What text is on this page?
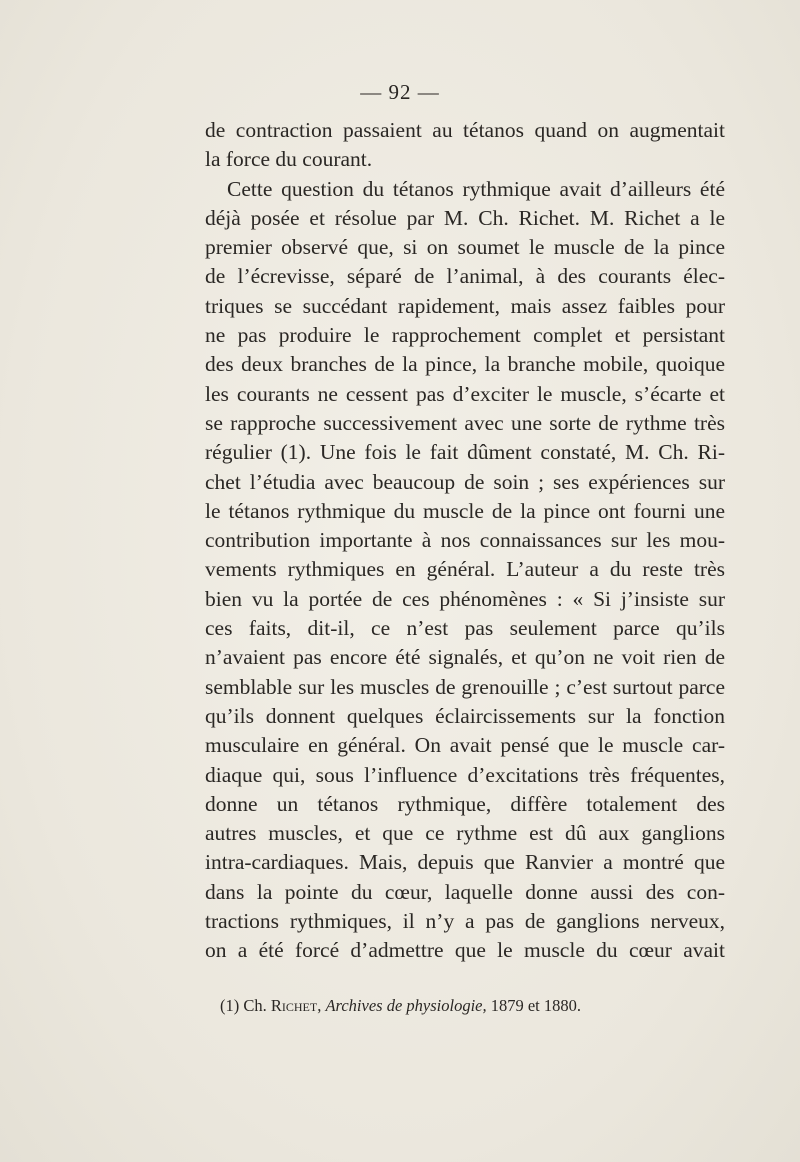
— 92 —
de contraction passaient au tétanos quand on augmentait
la force du courant.
Cette question du tétanos rythmique avait d’ailleurs été
déjà posée et résolue par M. Ch. Richet. M. Richet a le
premier observé que, si on soumet le muscle de la pince
de l’écrevisse, séparé de l’animal, à des courants élec-
triques se succédant rapidement, mais assez faibles pour
ne pas produire le rapprochement complet et persistant
des deux branches de la pince, la branche mobile, quoique
les courants ne cessent pas d’exciter le muscle, s’écarte et
se rapproche successivement avec une sorte de rythme très
régulier (1). Une fois le fait dûment constaté, M. Ch. Ri-
chet l’étudia avec beaucoup de soin ; ses expériences sur
le tétanos rythmique du muscle de la pince ont fourni une
contribution importante à nos connaissances sur les mou-
vements rythmiques en général. L’auteur a du reste très
bien vu la portée de ces phénomènes : « Si j’insiste sur
ces faits, dit-il, ce n’est pas seulement parce qu’ils
n’avaient pas encore été signalés, et qu’on ne voit rien de
semblable sur les muscles de grenouille ; c’est surtout parce
qu’ils donnent quelques éclaircissements sur la fonction
musculaire en général. On avait pensé que le muscle car-
diaque qui, sous l’influence d’excitations très fréquentes,
donne un tétanos rythmique, diffère totalement des
autres muscles, et que ce rythme est dû aux ganglions
intra-cardiaques. Mais, depuis que Ranvier a montré que
dans la pointe du cœur, laquelle donne aussi des con-
tractions rythmiques, il n’y a pas de ganglions nerveux,
on a été forcé d’admettre que le muscle du cœur avait
(1) Ch. Richet, Archives de physiologie, 1879 et 1880.
